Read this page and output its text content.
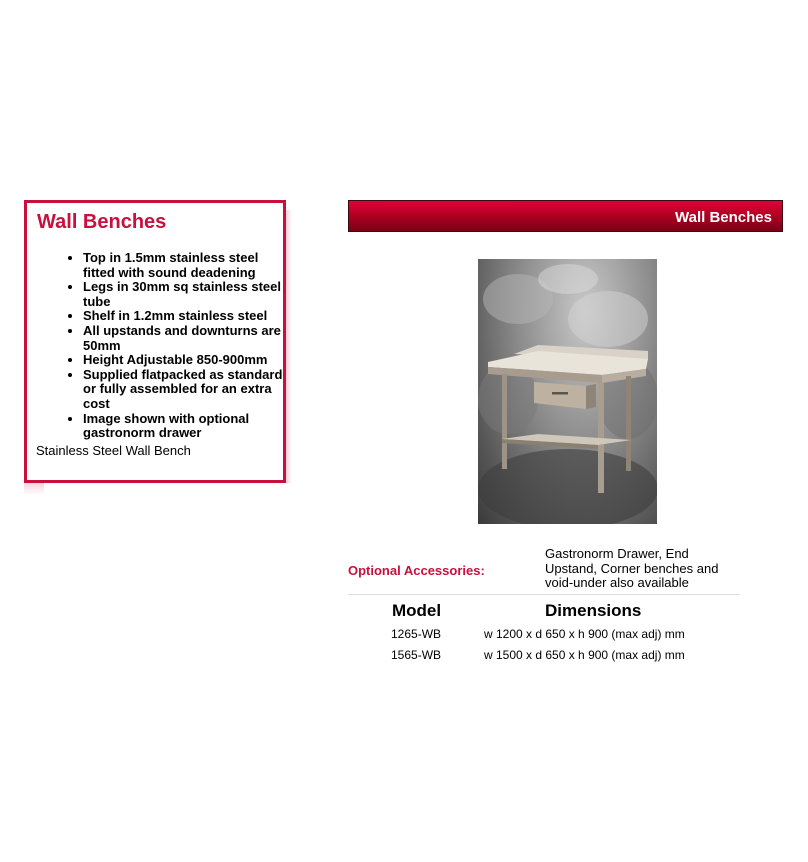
Wall Benches
• Top in 1.5mm stainless steel fitted with sound deadening
• Legs in 30mm sq stainless steel tube
• Shelf in 1.2mm stainless steel
• All upstands and downturns are 50mm
• Height Adjustable 850-900mm
• Supplied flatpacked as standard or fully assembled for an extra cost
• Image shown with optional gastronorm drawer
Stainless Steel Wall Bench
Wall Benches
Optional Accessories:
Gastronorm Drawer, End Upstand, Corner benches and void-under also available
Model	Dimensions
1265-WB	w 1200 x d 650 x h 900 (max adj) mm
1565-WB	w 1500 x d 650 x h 900 (max adj) mm
